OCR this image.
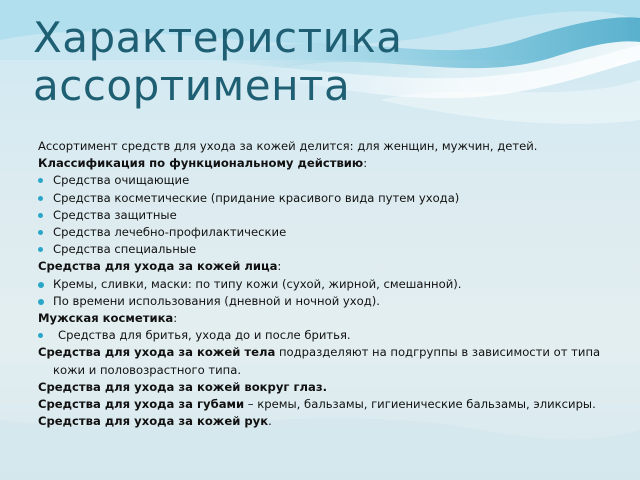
Характеристика
ассортимента

Ассортимент средств для ухода за кожей делится: для женщин, мужчин, детей.

Классификация по функциональному действию:

Средства очищающие
Средства косметические (придание красивого вида путем ухода)
Средства защитные
Средства лечебно-профилактические
Средства специальные

Средства для ухода за кожей лица:

Кремы, сливки, маски: по типу кожи (сухой, жирной, смешанной).
По времени использования (дневной и ночной уход).

Мужская косметика:

Средства для бритья, ухода до и после бритья.

Средства для ухода за кожей тела подразделяют на подгруппы в зависимости от типа кожи и половозрастного типа.

Средства для ухода за кожей вокруг глаз.

Средства для ухода за губами – кремы, бальзамы, гигиенические бальзамы, эликсиры.

Средства для ухода за кожей рук.
